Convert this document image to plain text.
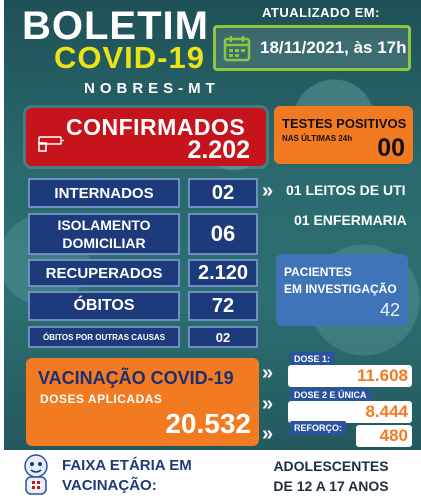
BOLETIM
COVID-19
NOBRES-MT
ATUALIZADO EM:
18/11/2021, às 17h
CONFIRMADOS
2.202
TESTES POSITIVOS
NAS ÚLTIMAS 24h 00
INTERNADOS	02	» 01 LEITOS DE UTI
01 ENFERMARIA
ISOLAMENTO DOMICILIAR	06
RECUPERADOS	2.120
ÓBITOS	72
ÓBITOS POR OUTRAS CAUSAS	02
PACIENTES
EM INVESTIGAÇÃO
42
VACINAÇÃO COVID-19
DOSES APLICADAS
20.532
»
»
»
DOSE 1:
11.608
DOSE 2 E ÚNICA
8.444
REFORÇO: 480
FAIXA ETÁRIA EM
VACINAÇÃO:
ADOLESCENTES
DE 12 A 17 ANOS
